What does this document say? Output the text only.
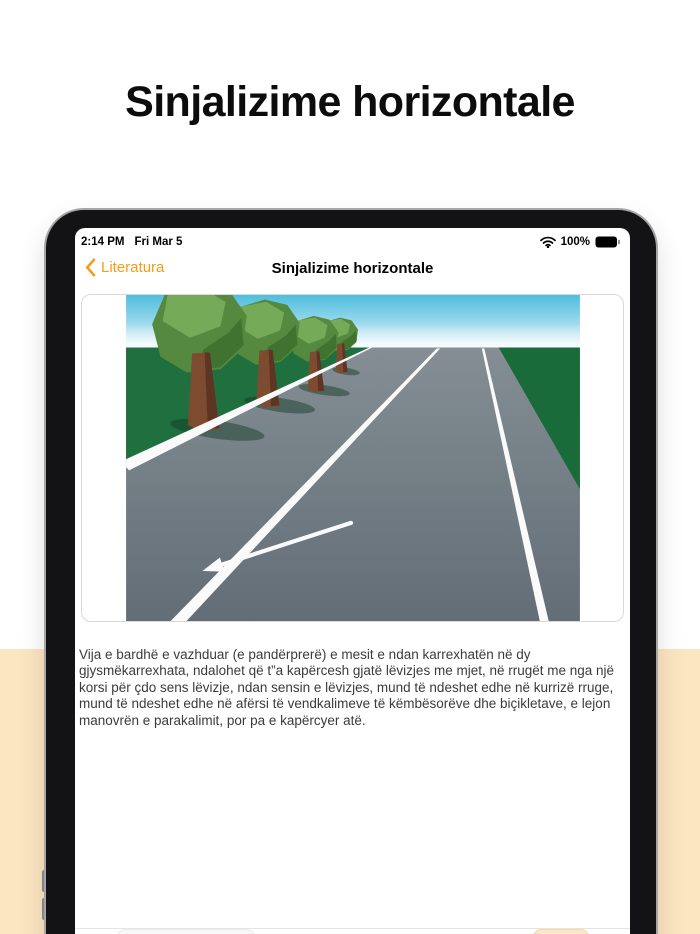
Sinjalizime horizontale
2:14 PM Fri Mar 5	100%
Literatura	Sinjalizime horizontale

Vija e bardhë e vazhduar (e pandërprerë) e mesit e ndan karrexhatën në dy gjysmëkarrexhata, ndalohet që t”a kapërcesh gjatë lëvizjes me mjet, në rrugët me nga një korsi për çdo sens lëvizje, ndan sensin e lëvizjes, mund të ndeshet edhe në kurrizë rruge, mund të ndeshet edhe në afërsi të vendkalimeve të këmbësorëve dhe biçikletave, e lejon manovrën e parakalimit, por pa e kapërcyer atë.
